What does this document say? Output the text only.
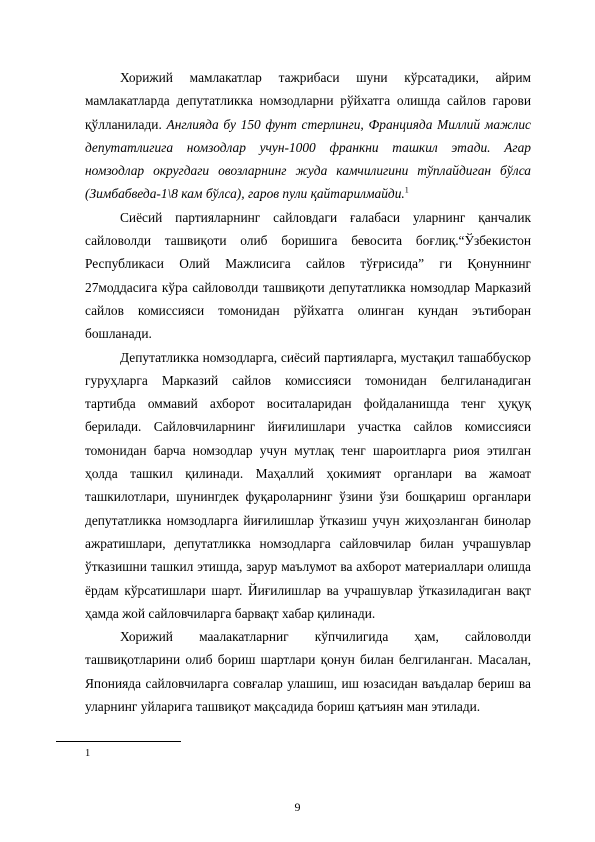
Хорижий мамлакатлар тажрибаси шуни кўрсатадики, айрим мамлакатларда депутатликка номзодларни рўйхатга олишда сайлов гарови қўлланилади. Англияда бу 150 фунт стерлинги, Францияда Миллий мажлис депутатлигига номзодлар учун-1000 франкни ташкил этади. Агар номзодлар округдаги овозларнинг жуда камчилигини тўплайдиган бўлса (Зимбабведа-1\8 кам бўлса), гаров пули қайтарилмайди.$^1$

Сиёсий партияларнинг сайловдаги ғалабаси уларнинг қанчалик сайловолди ташвиқоти олиб боришига бевосита боғлиқ.“Ўзбекистон Республикаси Олий Мажлисига сайлов тўғрисида” ги Қонуннинг 27моддасига кўра сайловолди ташвиқоти депутатликка номзодлар Марказий сайлов комиссияси томонидан рўйхатга олинган кундан эътиборан бошланади.

Депутатликка номзодларга, сиёсий партияларга, мустақил ташаббускор гуруҳларга Марказий сайлов комиссияси томонидан белгиланадиган тартибда оммавий ахборот воситаларидан фойдаланишда тенг ҳуқуқ берилади. Сайловчиларнинг йиғилишлари участка сайлов комиссияси томонидан барча номзодлар учун мутлақ тенг шароитларга риоя этилган ҳолда ташкил қилинади. Маҳаллий ҳокимият органлари ва жамоат ташкилотлари, шунингдек фуқароларнинг ўзини ўзи бошқариш органлари депутатликка номзодларга йиғилишлар ўтказиш учун жиҳозланган бинолар ажратишлари, депутатликка номзодларга сайловчилар билан учрашувлар ўтказишни ташкил этишда, зарур маълумот ва ахборот материаллари олишда ёрдам кўрсатишлари шарт. Йиғилишлар ва учрашувлар ўтказиладиган вақт ҳамда жой сайловчиларга барвақт хабар қилинади.

Хорижий маалакатларниг кўпчилигида ҳам, сайловолди ташвиқотларини олиб бориш шартлари қонун билан белгиланган. Масалан, Японияда сайловчиларга совғалар улашиш, иш юзасидан ваъдалар бериш ва уларнинг уйларига ташвиқот мақсадида бориш қатъиян ман этилади.

1
9
